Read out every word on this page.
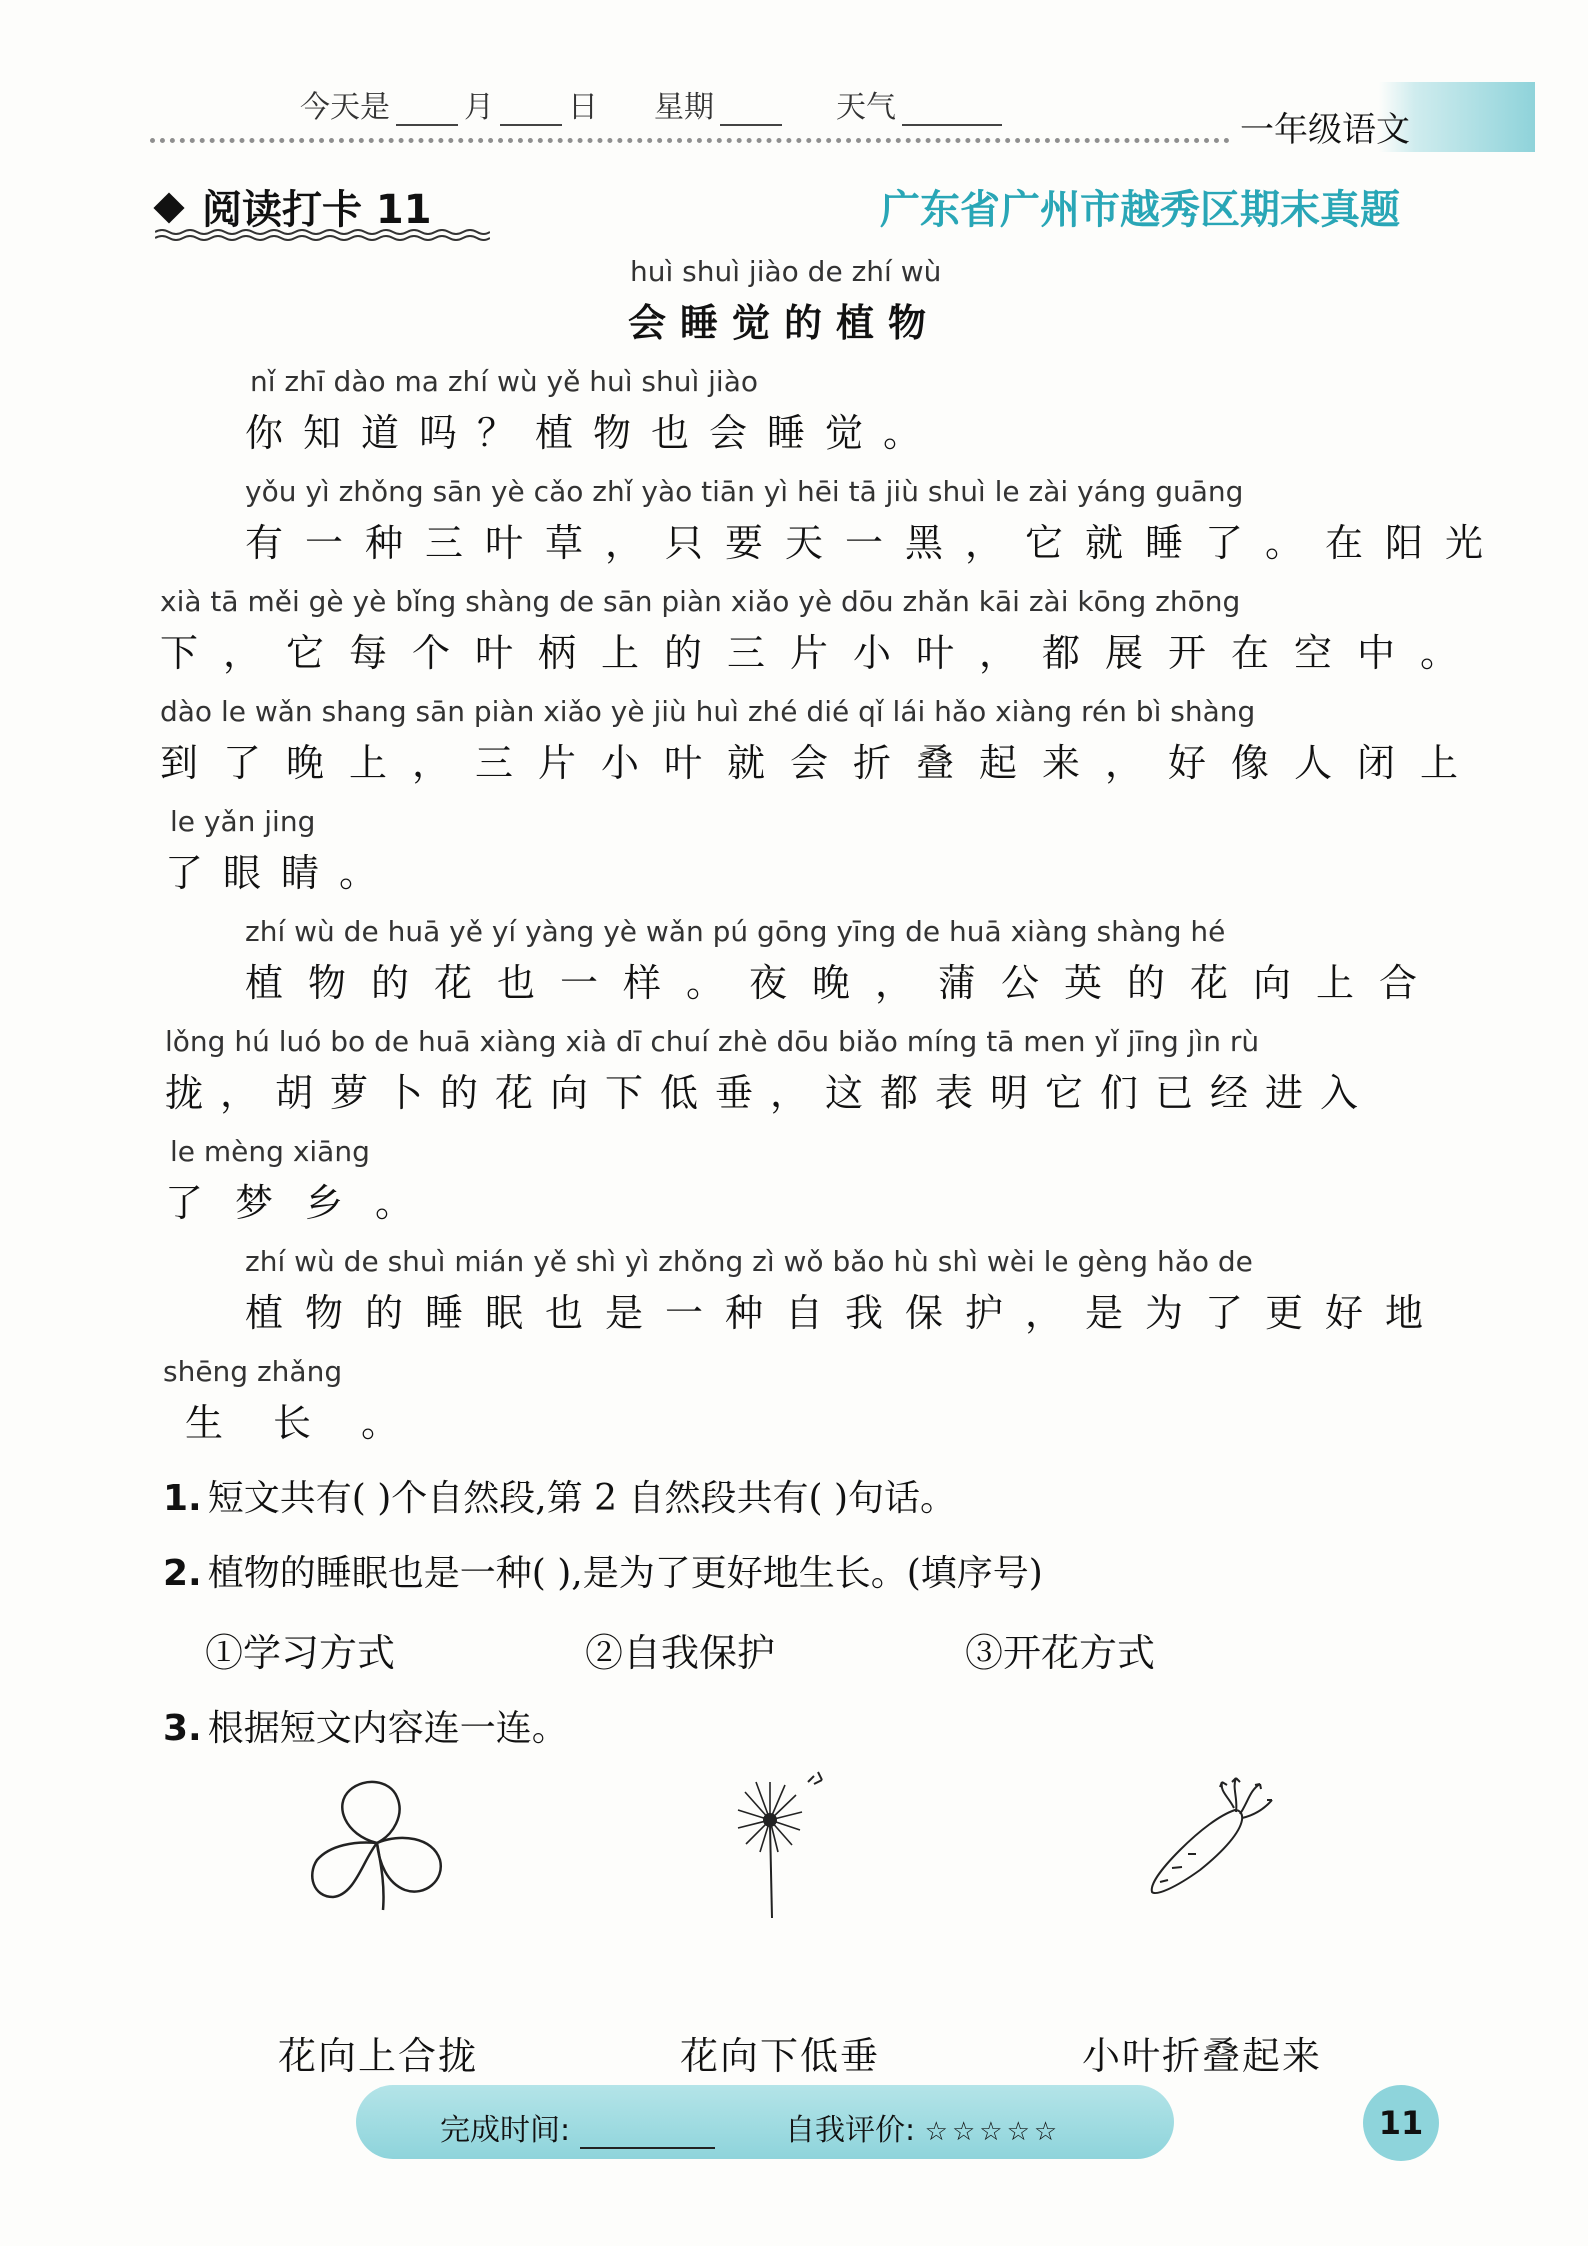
今天是 月 日 星期	天气
一年级语文
阅读打卡 11	广东省广州市越秀区期末真题
huì shuì jiào de zhí wù
会睡觉的植物
nǐ zhī dào ma zhí wù yě huì shuì jiào
你知道吗？植物也会睡觉。
yǒu yì zhǒng sān yè cǎo zhǐ yào tiān yì hēi tā jiù shuì le zài yáng guāng
有一种三叶草，只要天一黑，它就睡了。在阳光
xià tā měi gè yè bǐng shàng de sān piàn xiǎo yè dōu zhǎn kāi zài kōng zhōng
下，它每个叶柄上的三片小叶，都展开在空中。
dào le wǎn shang sān piàn xiǎo yè jiù huì zhé dié qǐ lái hǎo xiàng rén bì shàng
到了晚上，三片小叶就会折叠起来，好像人闭上
le yǎn jing
了眼睛。
zhí wù de huā yě yí yàng yè wǎn pú gōng yīng de huā xiàng shàng hé
植物的花也一样。夜晚，蒲公英的花向上合
lǒng hú luó bo de huā xiàng xià dī chuí zhè dōu biǎo míng tā men yǐ jīng jìn rù
拢，胡萝卜的花向下低垂，这都表明它们已经进入
le mèng xiāng
了梦乡。
zhí wù de shuì mián yě shì yì zhǒng zì wǒ bǎo hù shì wèi le gèng hǎo de
植物的睡眠也是一种自我保护，是为了更好地
shēng zhǎng
生长。
1. 短文共有( )个自然段,第 2 自然段共有( )句话。
2. 植物的睡眠也是一种( ),是为了更好地生长。(填序号)
①学习方式	②自我保护	③开花方式
3. 根据短文内容连一连。
花向上合拢	花向下低垂	小叶折叠起来
完成时间:	自我评价: ☆☆☆☆☆	11
